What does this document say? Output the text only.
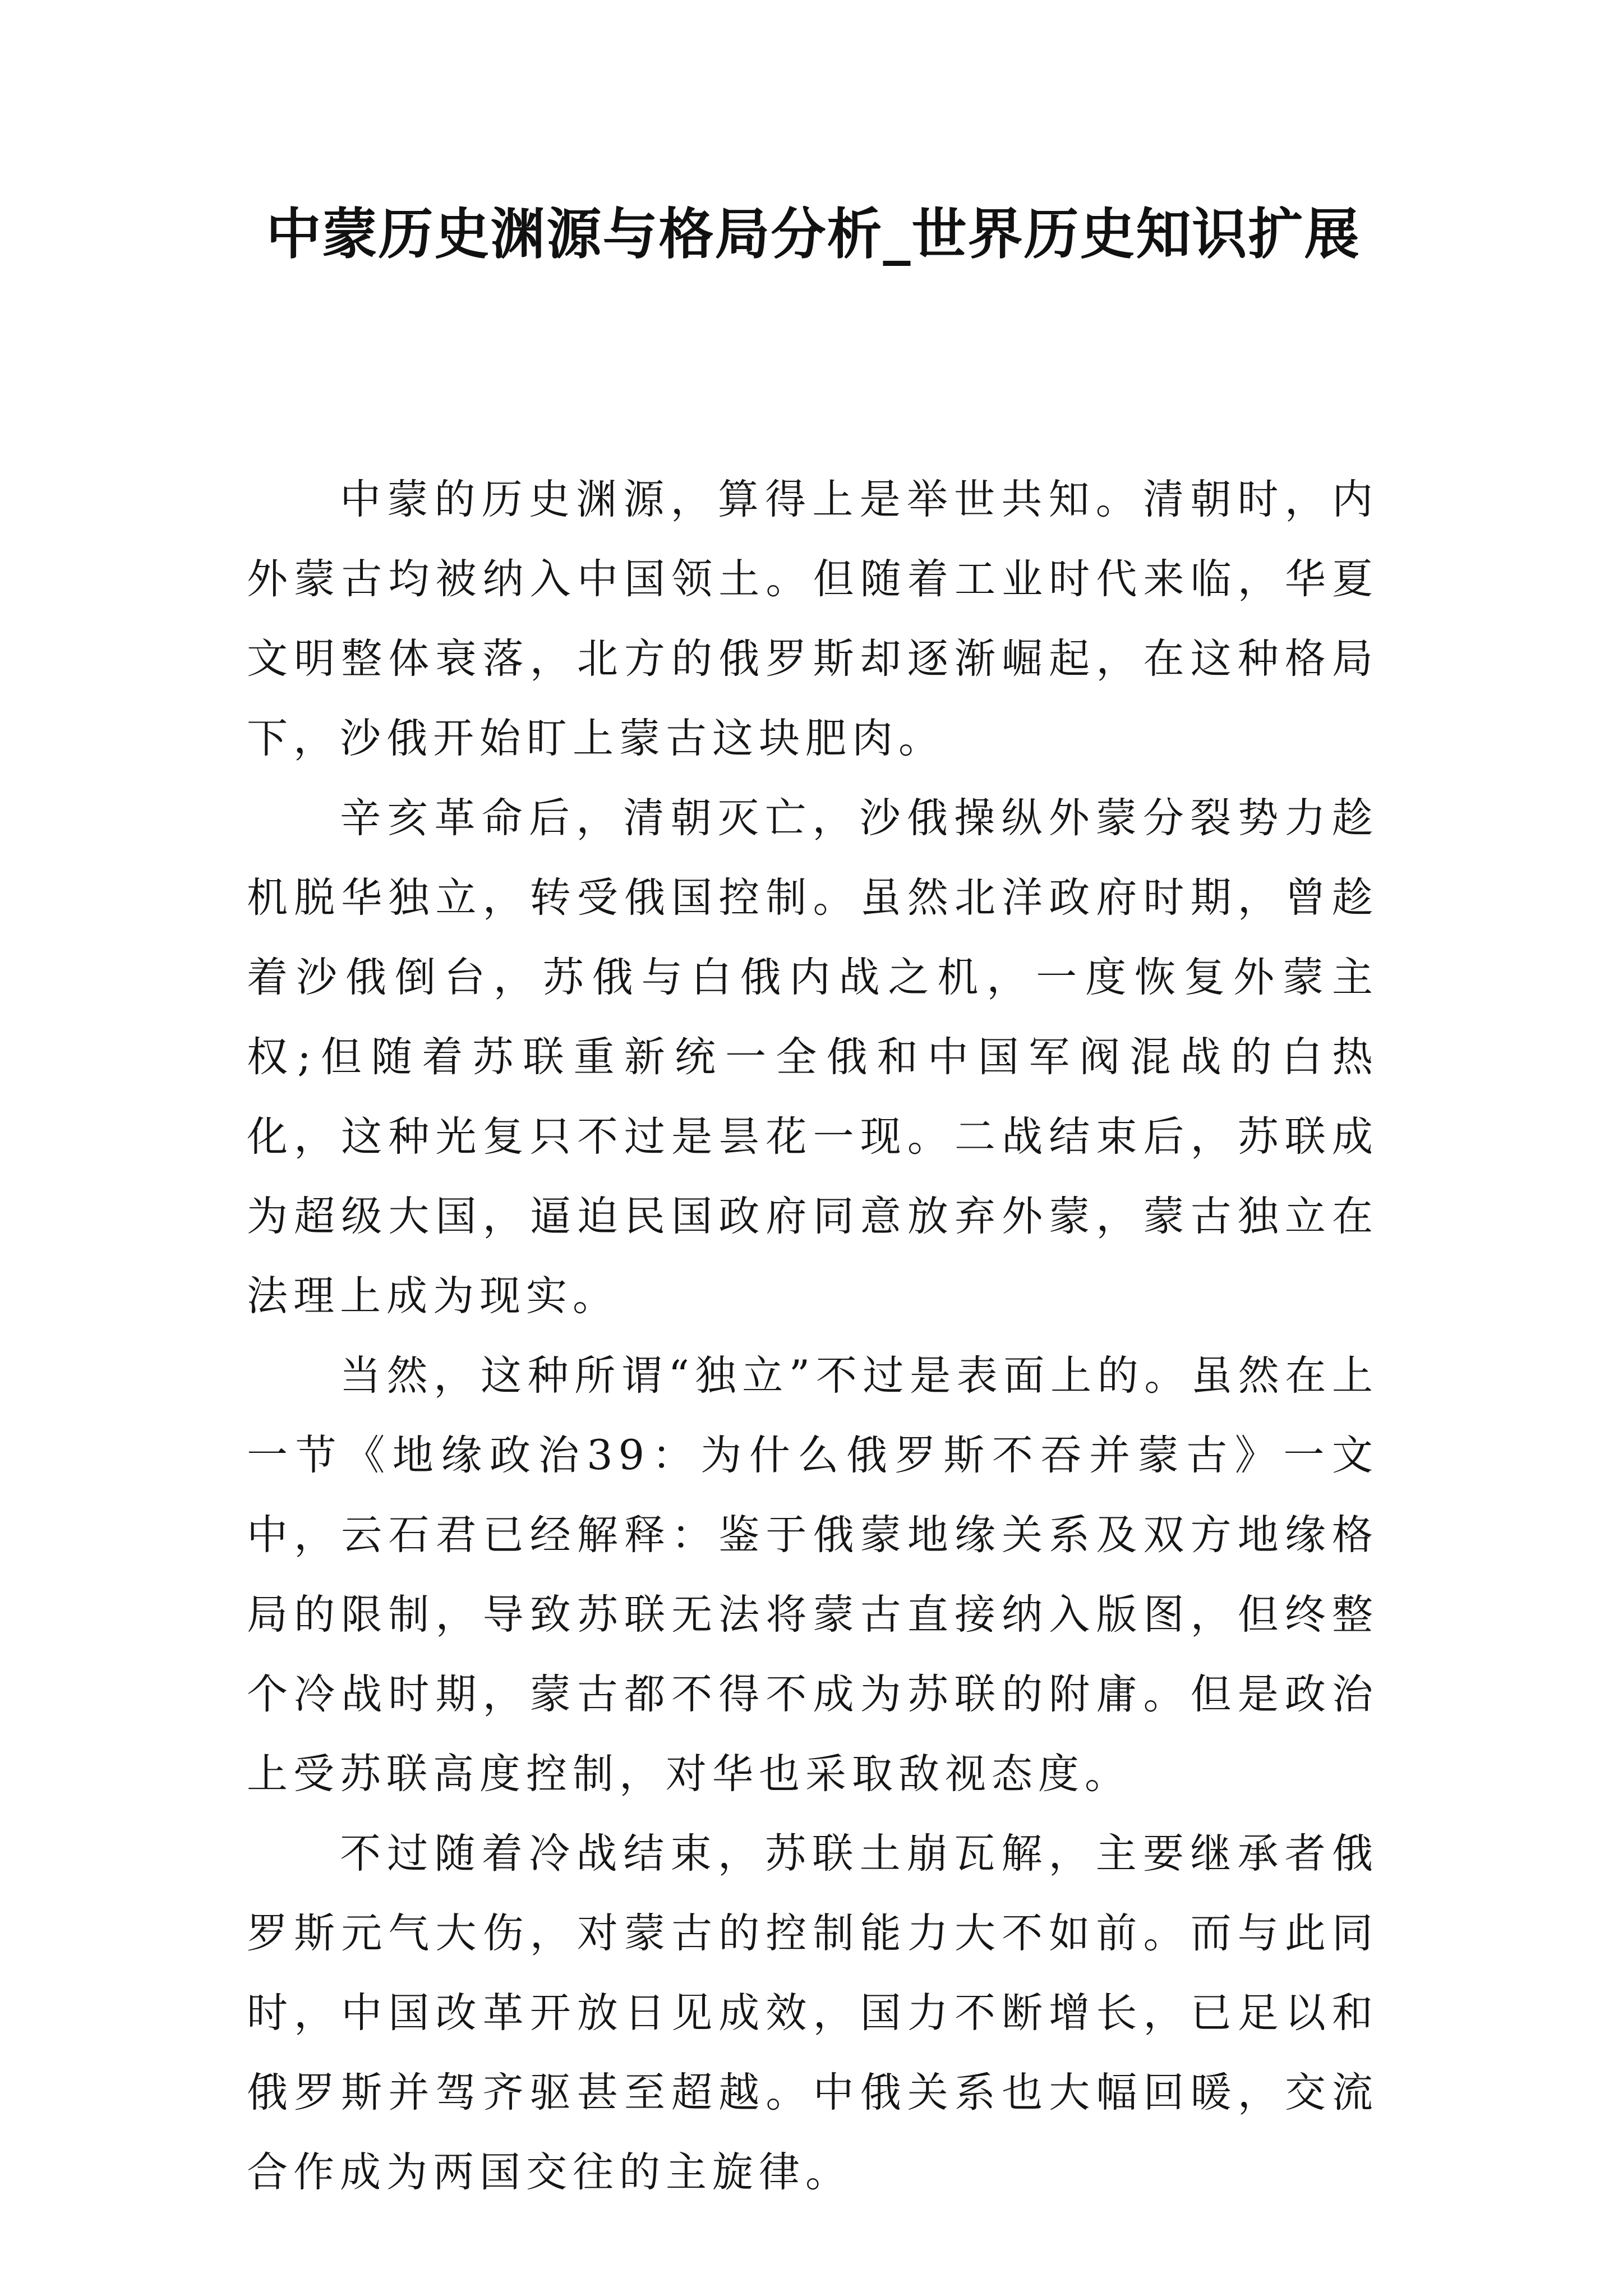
中蒙历史渊源与格局分析_世界历史知识扩展

中蒙的历史渊源，算得上是举世共知。清朝时，内外蒙古均被纳入中国领土。但随着工业时代来临，华夏文明整体衰落，北方的俄罗斯却逐渐崛起，在这种格局下，沙俄开始盯上蒙古这块肥肉。

辛亥革命后，清朝灭亡，沙俄操纵外蒙分裂势力趁机脱华独立，转受俄国控制。虽然北洋政府时期，曾趁着沙俄倒台，苏俄与白俄内战之机，一度恢复外蒙主权;但随着苏联重新统一全俄和中国军阀混战的白热化，这种光复只不过是昙花一现。二战结束后，苏联成为超级大国，逼迫民国政府同意放弃外蒙，蒙古独立在法理上成为现实。

当然，这种所谓“独立”不过是表面上的。虽然在上一节《地缘政治39：为什么俄罗斯不吞并蒙古》一文中，云石君已经解释：鉴于俄蒙地缘关系及双方地缘格局的限制，导致苏联无法将蒙古直接纳入版图，但终整个冷战时期，蒙古都不得不成为苏联的附庸。但是政治上受苏联高度控制，对华也采取敌视态度。

不过随着冷战结束，苏联土崩瓦解，主要继承者俄罗斯元气大伤，对蒙古的控制能力大不如前。而与此同时，中国改革开放日见成效，国力不断增长，已足以和俄罗斯并驾齐驱甚至超越。中俄关系也大幅回暖，交流合作成为两国交往的主旋律。
